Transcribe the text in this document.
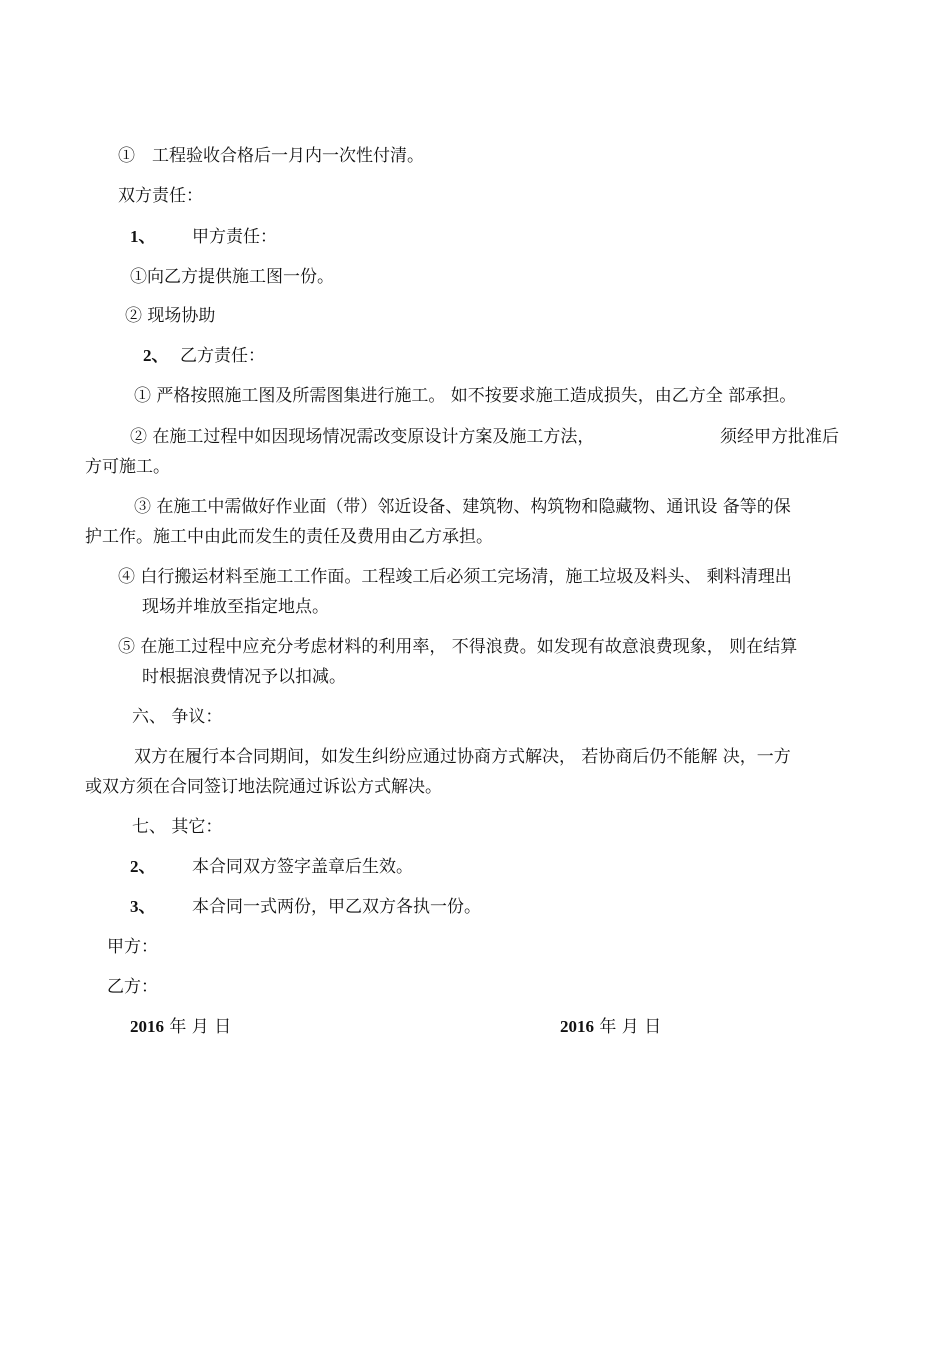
①　工程验收合格后一月内一次性付清。
双方责任：
1、 甲方责任：
①向乙方提供施工图一份。
② 现场协助
2、 乙方责任：
① 严格按照施工图及所需图集进行施工。 如不按要求施工造成损失，由乙方全 部承担。
② 在施工过程中如因现场情况需改变原设计方案及施工方法，	须经甲方批准后
方可施工。
③ 在施工中需做好作业面（带）邻近设备、建筑物、构筑物和隐藏物、通讯设 备等的保
护工作。施工中由此而发生的责任及费用由乙方承担。
④ 白行搬运材料至施工工作面。工程竣工后必须工完场清，施工垃圾及料头、 剩料清理出
现场并堆放至指定地点。
⑤ 在施工过程中应充分考虑材料的利用率， 不得浪费。如发现有故意浪费现象， 则在结算
时根据浪费情况予以扣减。
六、 争议：
双方在履行本合同期间，如发生纠纷应通过协商方式解决， 若协商后仍不能解 决，一方
或双方须在合同签订地法院通过诉讼方式解决。
七、 其它：
2、 本合同双方签字盖章后生效。
3、 本合同一式两份，甲乙双方各执一份。
甲方：
乙方：
2016 年 月 日	2016 年 月 日
